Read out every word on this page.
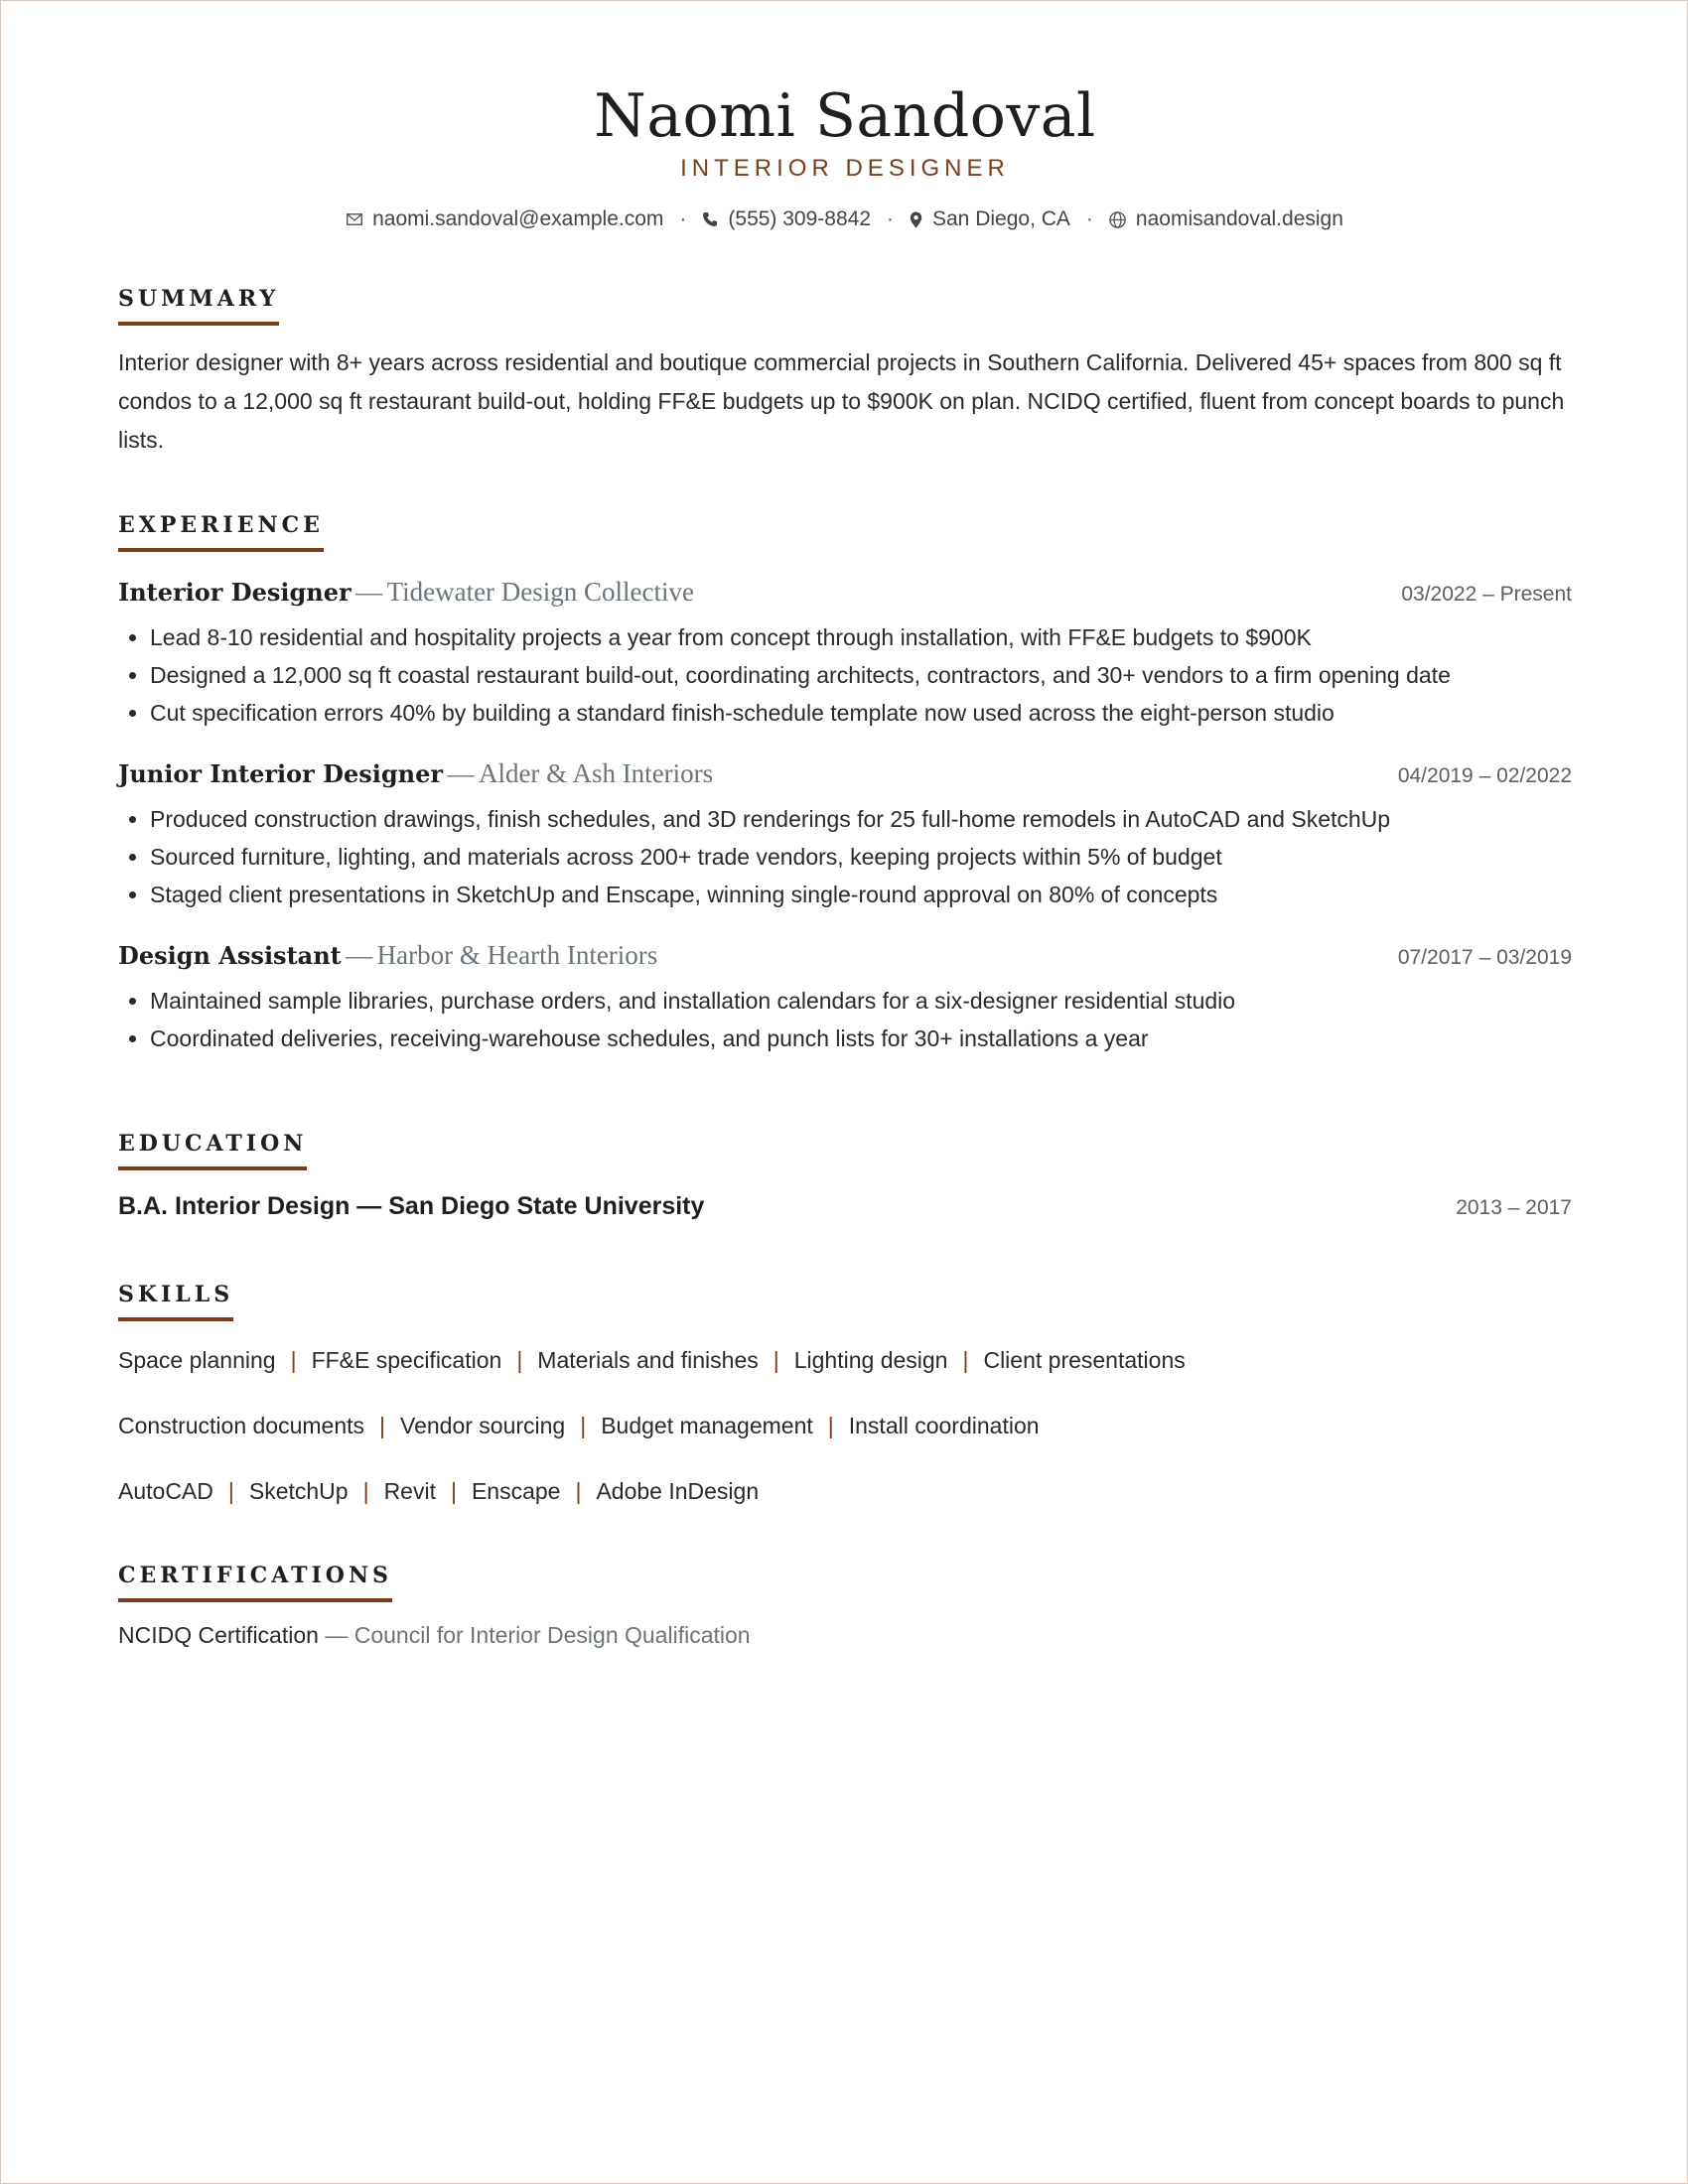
Naomi Sandoval
INTERIOR DESIGNER
naomi.sandoval@example.com · (555) 309-8842 · San Diego, CA · naomisandoval.design
SUMMARY
Interior designer with 8+ years across residential and boutique commercial projects in Southern California. Delivered 45+ spaces from 800 sq ft condos to a 12,000 sq ft restaurant build-out, holding FF&E budgets up to $900K on plan. NCIDQ certified, fluent from concept boards to punch lists.
EXPERIENCE
Interior Designer — Tidewater Design Collective	03/2022 – Present
• Lead 8-10 residential and hospitality projects a year from concept through installation, with FF&E budgets to $900K
• Designed a 12,000 sq ft coastal restaurant build-out, coordinating architects, contractors, and 30+ vendors to a firm opening date
• Cut specification errors 40% by building a standard finish-schedule template now used across the eight-person studio
Junior Interior Designer — Alder & Ash Interiors	04/2019 – 02/2022
• Produced construction drawings, finish schedules, and 3D renderings for 25 full-home remodels in AutoCAD and SketchUp
• Sourced furniture, lighting, and materials across 200+ trade vendors, keeping projects within 5% of budget
• Staged client presentations in SketchUp and Enscape, winning single-round approval on 80% of concepts
Design Assistant — Harbor & Hearth Interiors	07/2017 – 03/2019
• Maintained sample libraries, purchase orders, and installation calendars for a six-designer residential studio
• Coordinated deliveries, receiving-warehouse schedules, and punch lists for 30+ installations a year
EDUCATION
B.A. Interior Design — San Diego State University	2013 – 2017
SKILLS
Space planning | FF&E specification | Materials and finishes | Lighting design | Client presentations
Construction documents | Vendor sourcing | Budget management | Install coordination
AutoCAD | SketchUp | Revit | Enscape | Adobe InDesign
CERTIFICATIONS
NCIDQ Certification — Council for Interior Design Qualification
